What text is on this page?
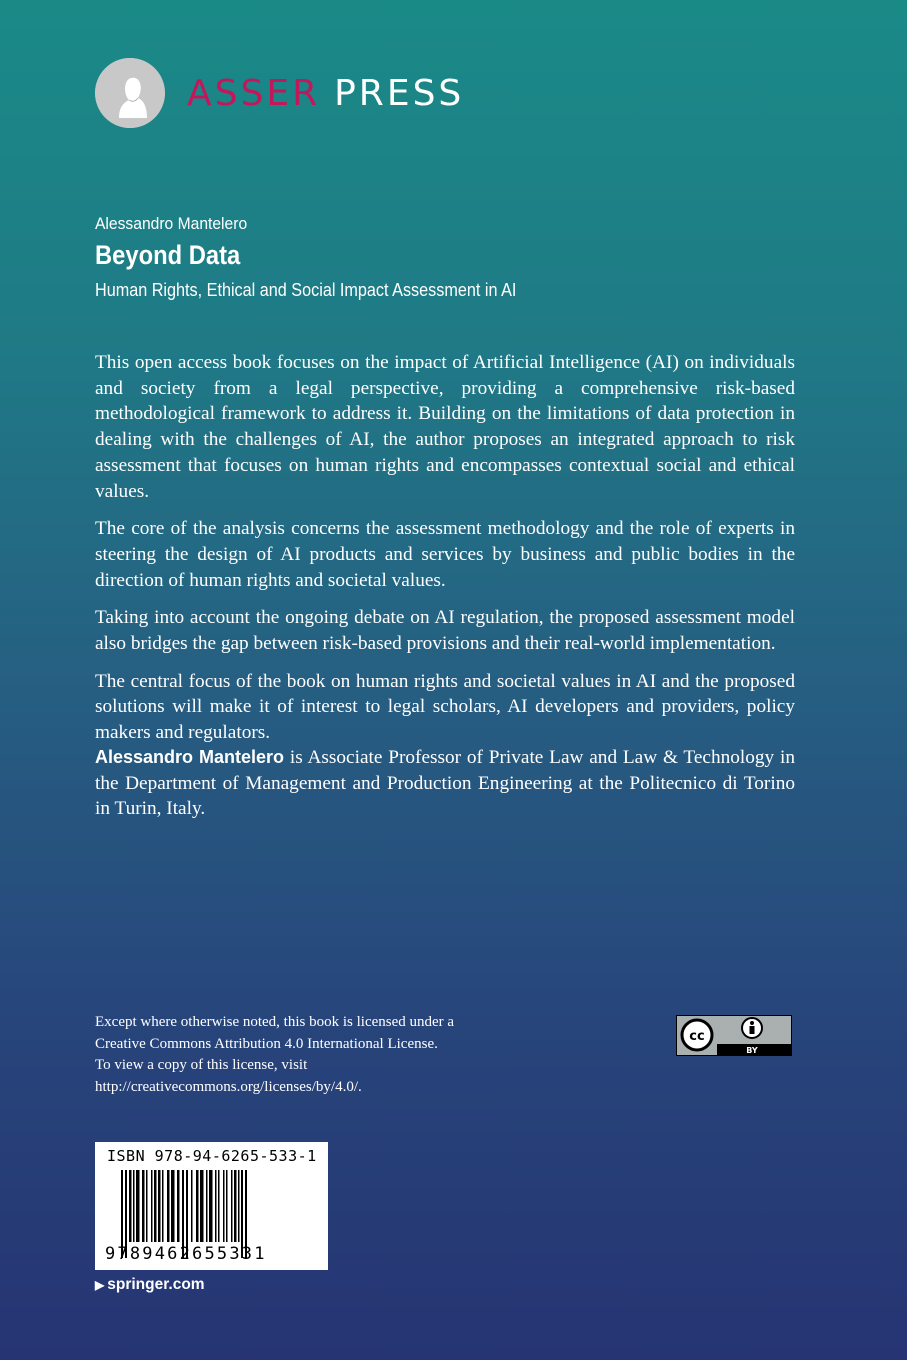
ASSER PRESS
Alessandro Mantelero
Beyond Data
Human Rights, Ethical and Social Impact Assessment in AI

This open access book focuses on the impact of Artificial Intelligence (AI) on individuals and society from a legal perspective, providing a comprehensive risk-based methodological framework to address it. Building on the limitations of data protection in dealing with the challenges of AI, the author proposes an integrated approach to risk assessment that focuses on human rights and encompasses contextual social and ethical values.

The core of the analysis concerns the assessment methodology and the role of experts in steering the design of AI products and services by business and public bodies in the direction of human rights and societal values.

Taking into account the ongoing debate on AI regulation, the proposed assessment model also bridges the gap between risk-based provisions and their real-world implementation.

The central focus of the book on human rights and societal values in AI and the proposed solutions will make it of interest to legal scholars, AI developers and providers, policy makers and regulators.

Alessandro Mantelero is Associate Professor of Private Law and Law & Technology in the Department of Management and Production Engineering at the Politecnico di Torino in Turin, Italy.
Except where otherwise noted, this book is licensed under a
Creative Commons Attribution 4.0 International License.
To view a copy of this license, visit
http://creativecommons.org/licenses/by/4.0/.
cc
BY
ISBN 978-94-6265-533-1
9789462655331
▶ springer.com
